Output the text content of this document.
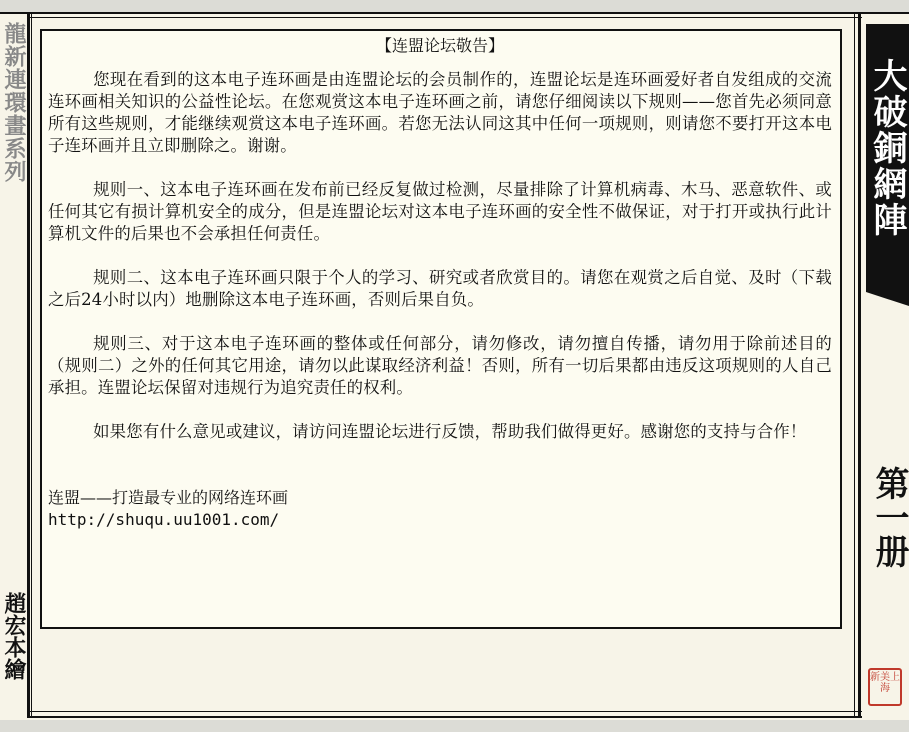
龍新連環畫系列
趙宏本繪
【连盟论坛敬告】

您现在看到的这本电子连环画是由连盟论坛的会员制作的，连盟论坛是连环画爱好者自发组成的交流连环画相关知识的公益性论坛。在您观赏这本电子连环画之前，请您仔细阅读以下规则——您首先必须同意所有这些规则，才能继续观赏这本电子连环画。若您无法认同这其中任何一项规则，则请您不要打开这本电子连环画并且立即删除之。谢谢。

规则一、这本电子连环画在发布前已经反复做过检测，尽量排除了计算机病毒、木马、恶意软件、或任何其它有损计算机安全的成分，但是连盟论坛对这本电子连环画的安全性不做保证，对于打开或执行此计算机文件的后果也不会承担任何责任。

规则二、这本电子连环画只限于个人的学习、研究或者欣赏目的。请您在观赏之后自觉、及时（下载之后24小时以内）地删除这本电子连环画，否则后果自负。

规则三、对于这本电子连环画的整体或任何部分，请勿修改，请勿擅自传播，请勿用于除前述目的（规则二）之外的任何其它用途，请勿以此谋取经济利益！否则，所有一切后果都由违反这项规则的人自己承担。连盟论坛保留对违规行为追究责任的权利。

如果您有什么意见或建议，请访问连盟论坛进行反馈，帮助我们做得更好。感谢您的支持与合作！

连盟——打造最专业的网络连环画
http://shuqu.uu1001.com/
大破銅網陣
第一册
新美上海
